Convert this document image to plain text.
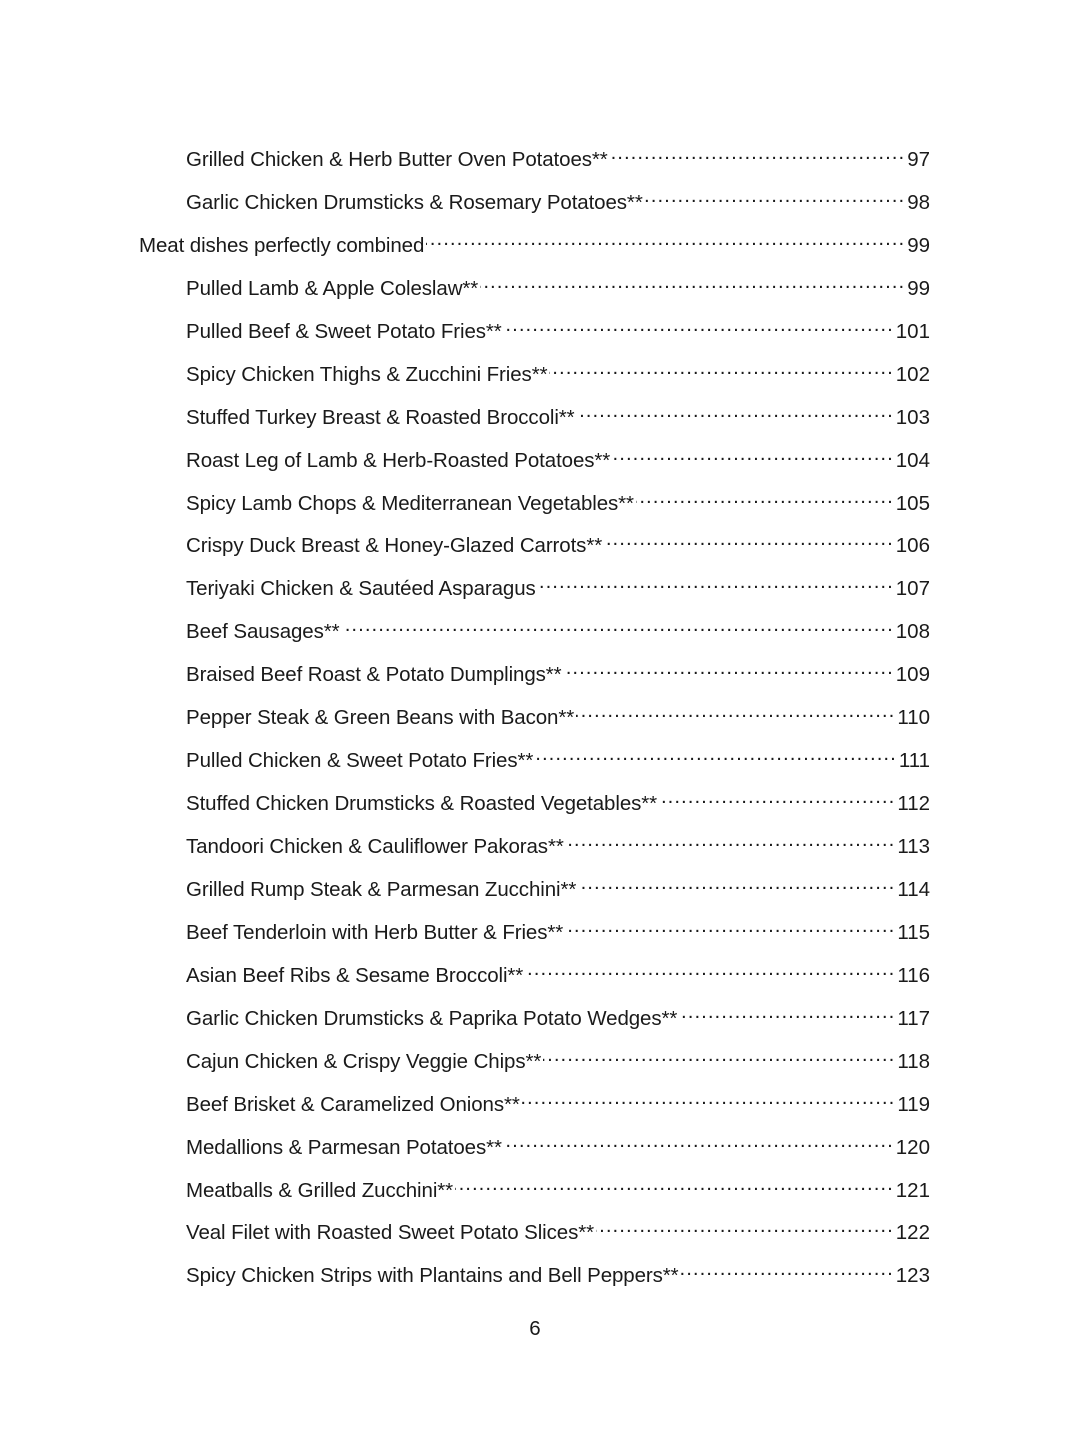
Grilled Chicken & Herb Butter Oven Potatoes** .....	97
Garlic Chicken Drumsticks & Rosemary Potatoes** .....	98
Meat dishes perfectly combined .....	99
Pulled Lamb & Apple Coleslaw** .....	99
Pulled Beef & Sweet Potato Fries** .....	101
Spicy Chicken Thighs & Zucchini Fries** .....	102
Stuffed Turkey Breast & Roasted Broccoli** .....	103
Roast Leg of Lamb & Herb-Roasted Potatoes** .....	104
Spicy Lamb Chops & Mediterranean Vegetables** .....	105
Crispy Duck Breast & Honey-Glazed Carrots** .....	106
Teriyaki Chicken & Sautéed Asparagus .....	107
Beef Sausages** .....	108
Braised Beef Roast & Potato Dumplings** .....	109
Pepper Steak & Green Beans with Bacon** .....	110
Pulled Chicken & Sweet Potato Fries** .....	111
Stuffed Chicken Drumsticks & Roasted Vegetables** .....	112
Tandoori Chicken & Cauliflower Pakoras** .....	113
Grilled Rump Steak & Parmesan Zucchini** .....	114
Beef Tenderloin with Herb Butter & Fries** .....	115
Asian Beef Ribs & Sesame Broccoli** .....	116
Garlic Chicken Drumsticks & Paprika Potato Wedges** .....	117
Cajun Chicken & Crispy Veggie Chips** .....	118
Beef Brisket & Caramelized Onions** .....	119
Medallions & Parmesan Potatoes** .....	120
Meatballs & Grilled Zucchini** .....	121
Veal Filet with Roasted Sweet Potato Slices** .....	122
Spicy Chicken Strips with Plantains and Bell Peppers** .....	123
6
